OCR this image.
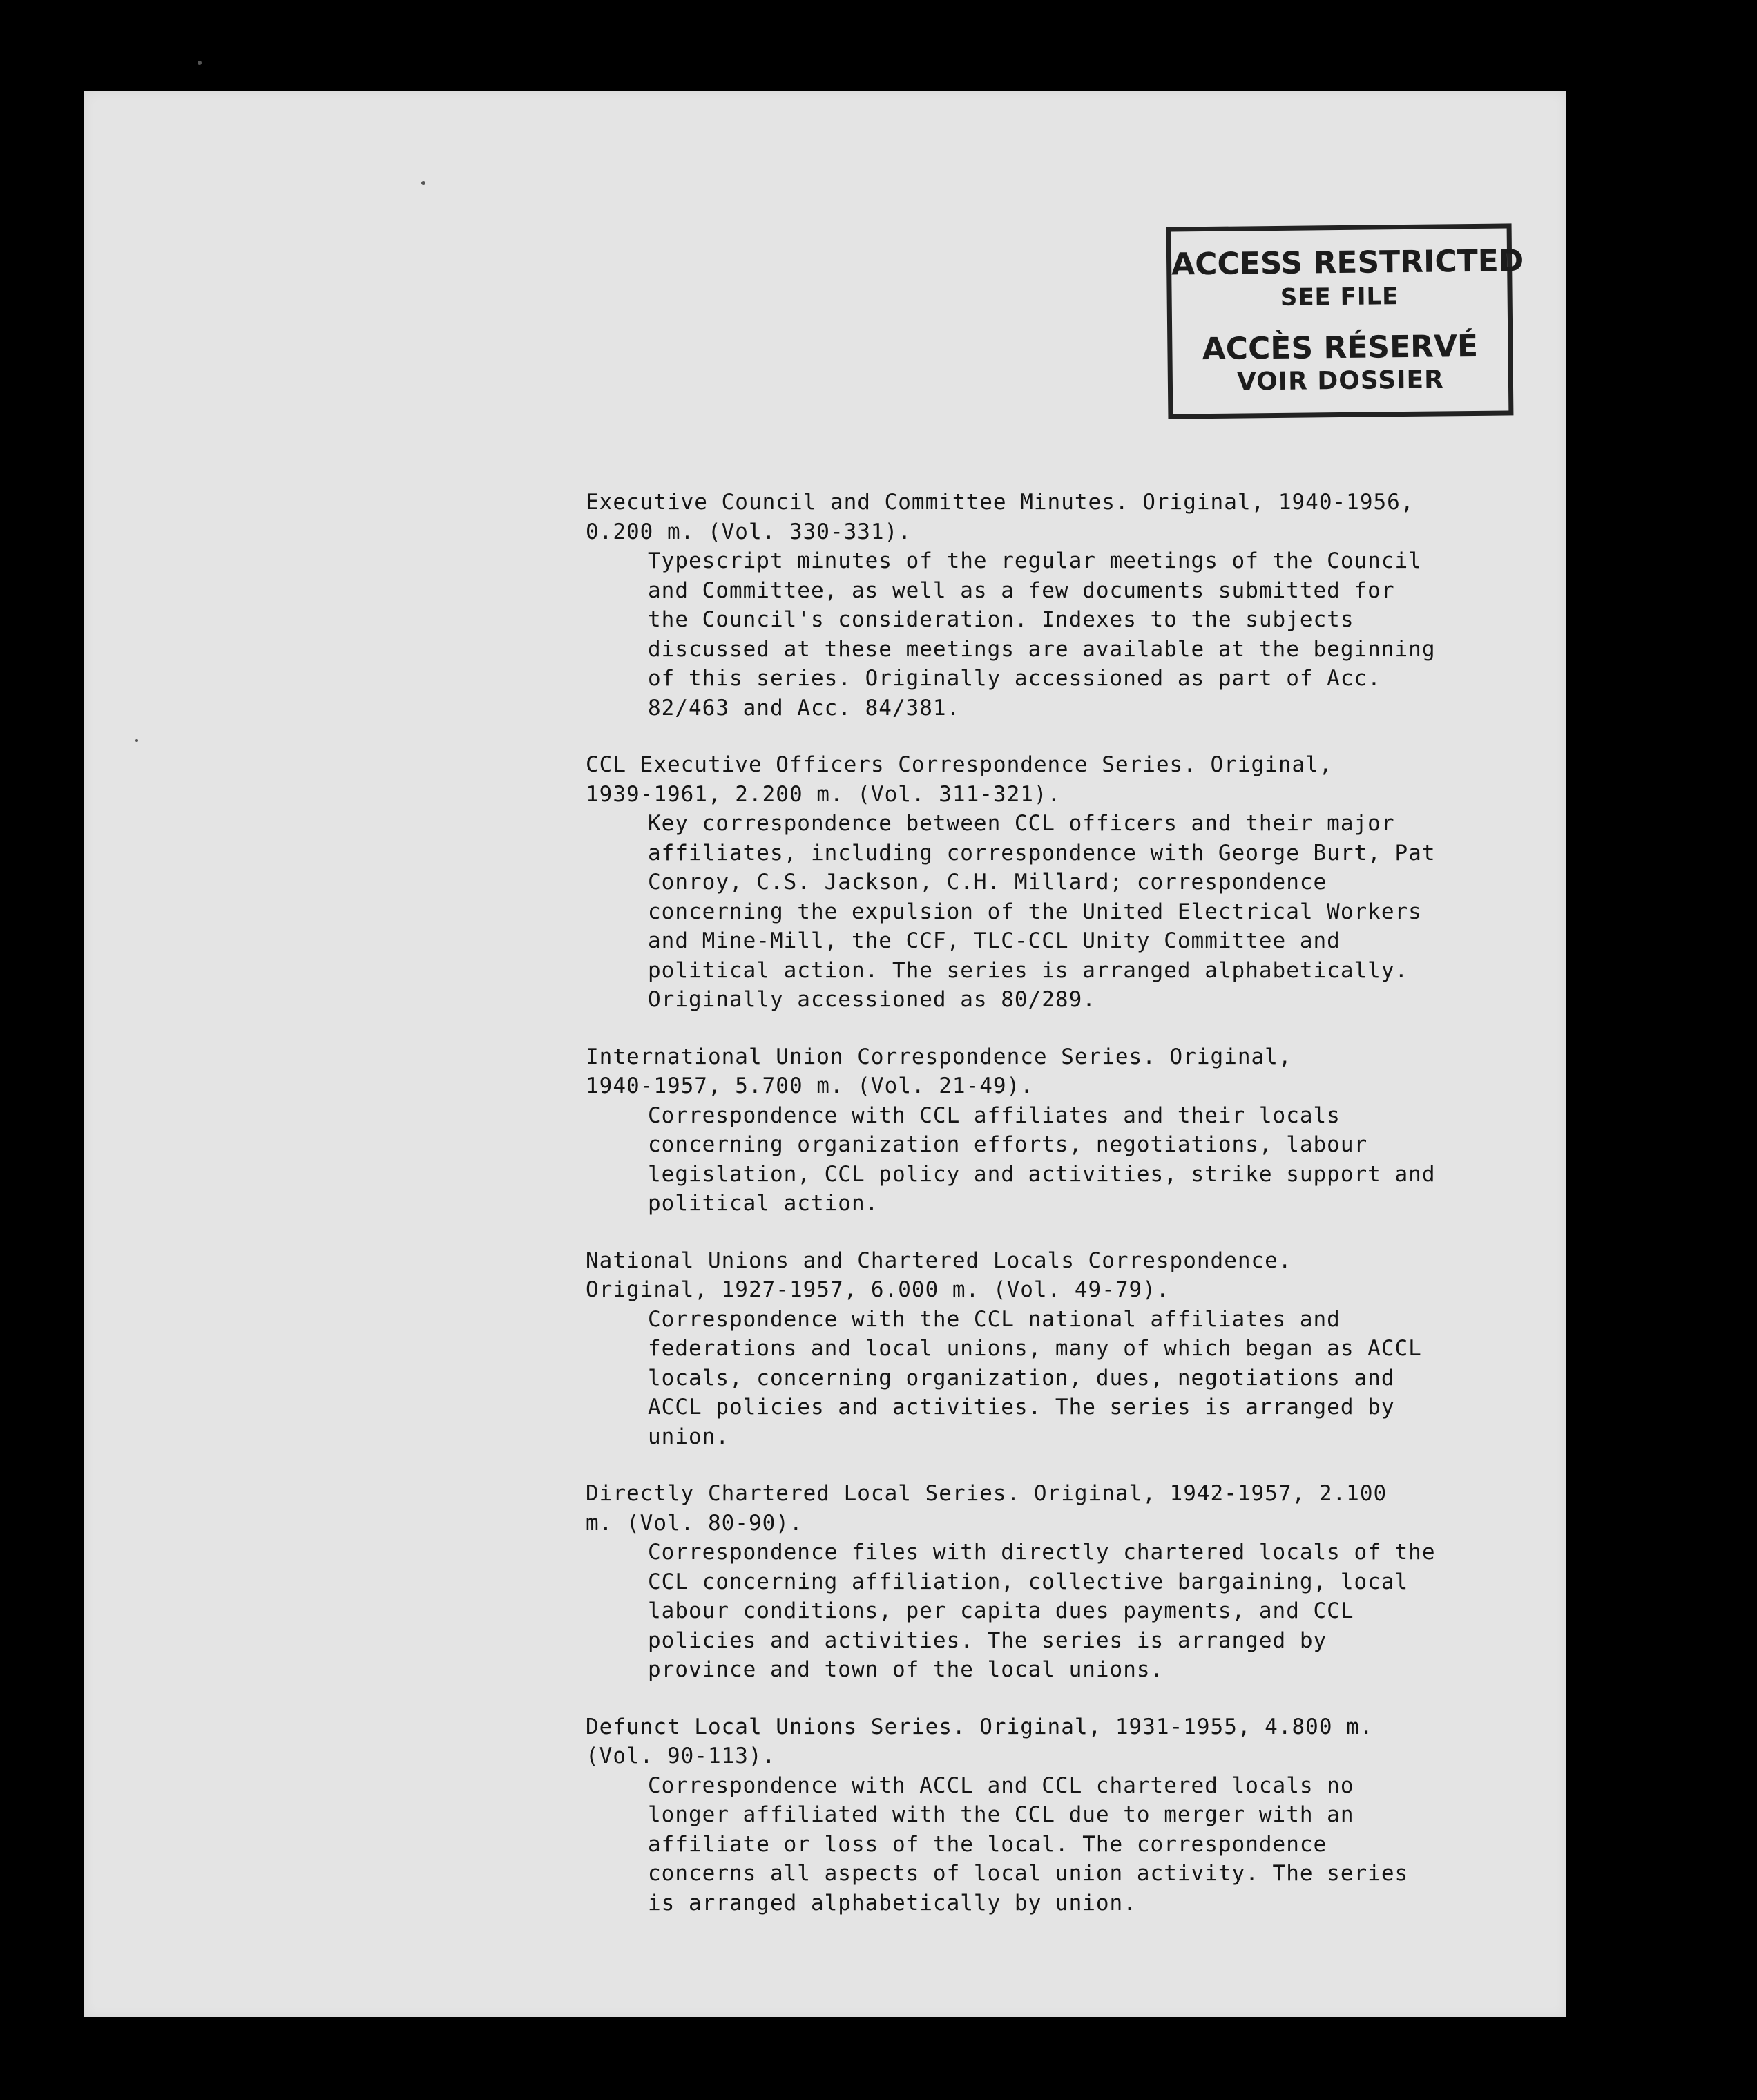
ACCESS RESTRICTED
SEE FILE
ACCÈS RÉSERVÉ
VOIR DOSSIER
Executive Council and Committee Minutes. Original, 1940-1956,
0.200 m. (Vol. 330-331).
Typescript minutes of the regular meetings of the Council
and Committee, as well as a few documents submitted for
the Council's consideration. Indexes to the subjects
discussed at these meetings are available at the beginning
of this series. Originally accessioned as part of Acc.
82/463 and Acc. 84/381.
CCL Executive Officers Correspondence Series. Original,
1939-1961, 2.200 m. (Vol. 311-321).
Key correspondence between CCL officers and their major
affiliates, including correspondence with George Burt, Pat
Conroy, C.S. Jackson, C.H. Millard; correspondence
concerning the expulsion of the United Electrical Workers
and Mine-Mill, the CCF, TLC-CCL Unity Committee and
political action. The series is arranged alphabetically.
Originally accessioned as 80/289.
International Union Correspondence Series. Original,
1940-1957, 5.700 m. (Vol. 21-49).
Correspondence with CCL affiliates and their locals
concerning organization efforts, negotiations, labour
legislation, CCL policy and activities, strike support and
political action.
National Unions and Chartered Locals Correspondence.
Original, 1927-1957, 6.000 m. (Vol. 49-79).
Correspondence with the CCL national affiliates and
federations and local unions, many of which began as ACCL
locals, concerning organization, dues, negotiations and
ACCL policies and activities. The series is arranged by
union.
Directly Chartered Local Series. Original, 1942-1957, 2.100
m. (Vol. 80-90).
Correspondence files with directly chartered locals of the
CCL concerning affiliation, collective bargaining, local
labour conditions, per capita dues payments, and CCL
policies and activities. The series is arranged by
province and town of the local unions.
Defunct Local Unions Series. Original, 1931-1955, 4.800 m.
(Vol. 90-113).
Correspondence with ACCL and CCL chartered locals no
longer affiliated with the CCL due to merger with an
affiliate or loss of the local. The correspondence
concerns all aspects of local union activity. The series
is arranged alphabetically by union.
